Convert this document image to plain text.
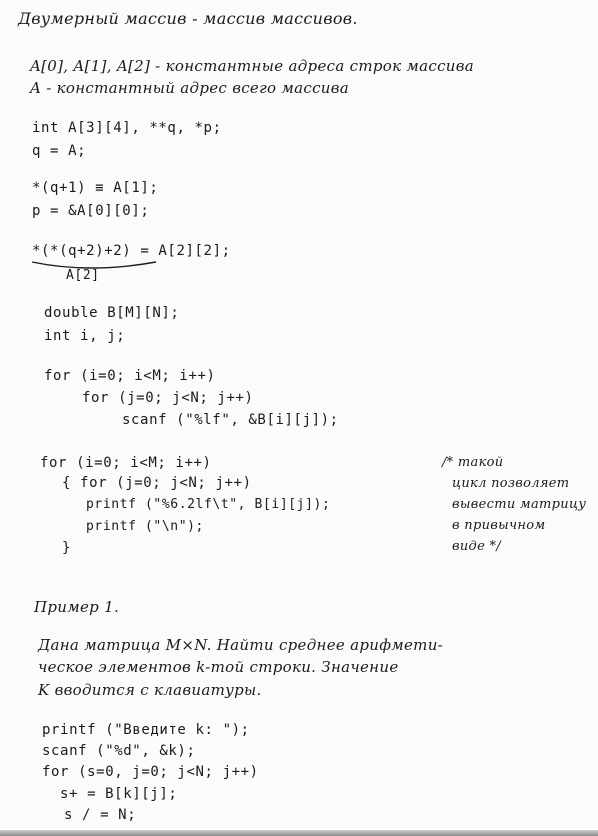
Двумерный массив - массив массивов.
A[0], A[1], A[2] - константные адреса строк массива
A - константный адрес всего массива
int A[3][4], **q, *p;
q = A;
*(q+1) ≡ A[1];
p = &A[0][0];
*(*(q+2)+2) = A[2][2];
A[2]
double B[M][N];
int i, j;
for (i=0; i<M; i++)
for (j=0; j<N; j++)
scanf ("%lf", &B[i][j]);
for (i=0; i<M; i++)
{ for (j=0; j<N; j++)
printf ("%6.2lf\t", B[i][j]);
printf ("\n");
}
/* такой
цикл позволяет
вывести матрицу
в привычном
виде */
Пример 1.
Дана матрица M×N. Найти среднее арифмети-
ческое элементов k-той строки. Значение
K вводится с клавиатуры.
printf ("Введите k: ");
scanf ("%d", &k);
for (s=0, j=0; j<N; j++)
s+ = B[k][j];
s / = N;
